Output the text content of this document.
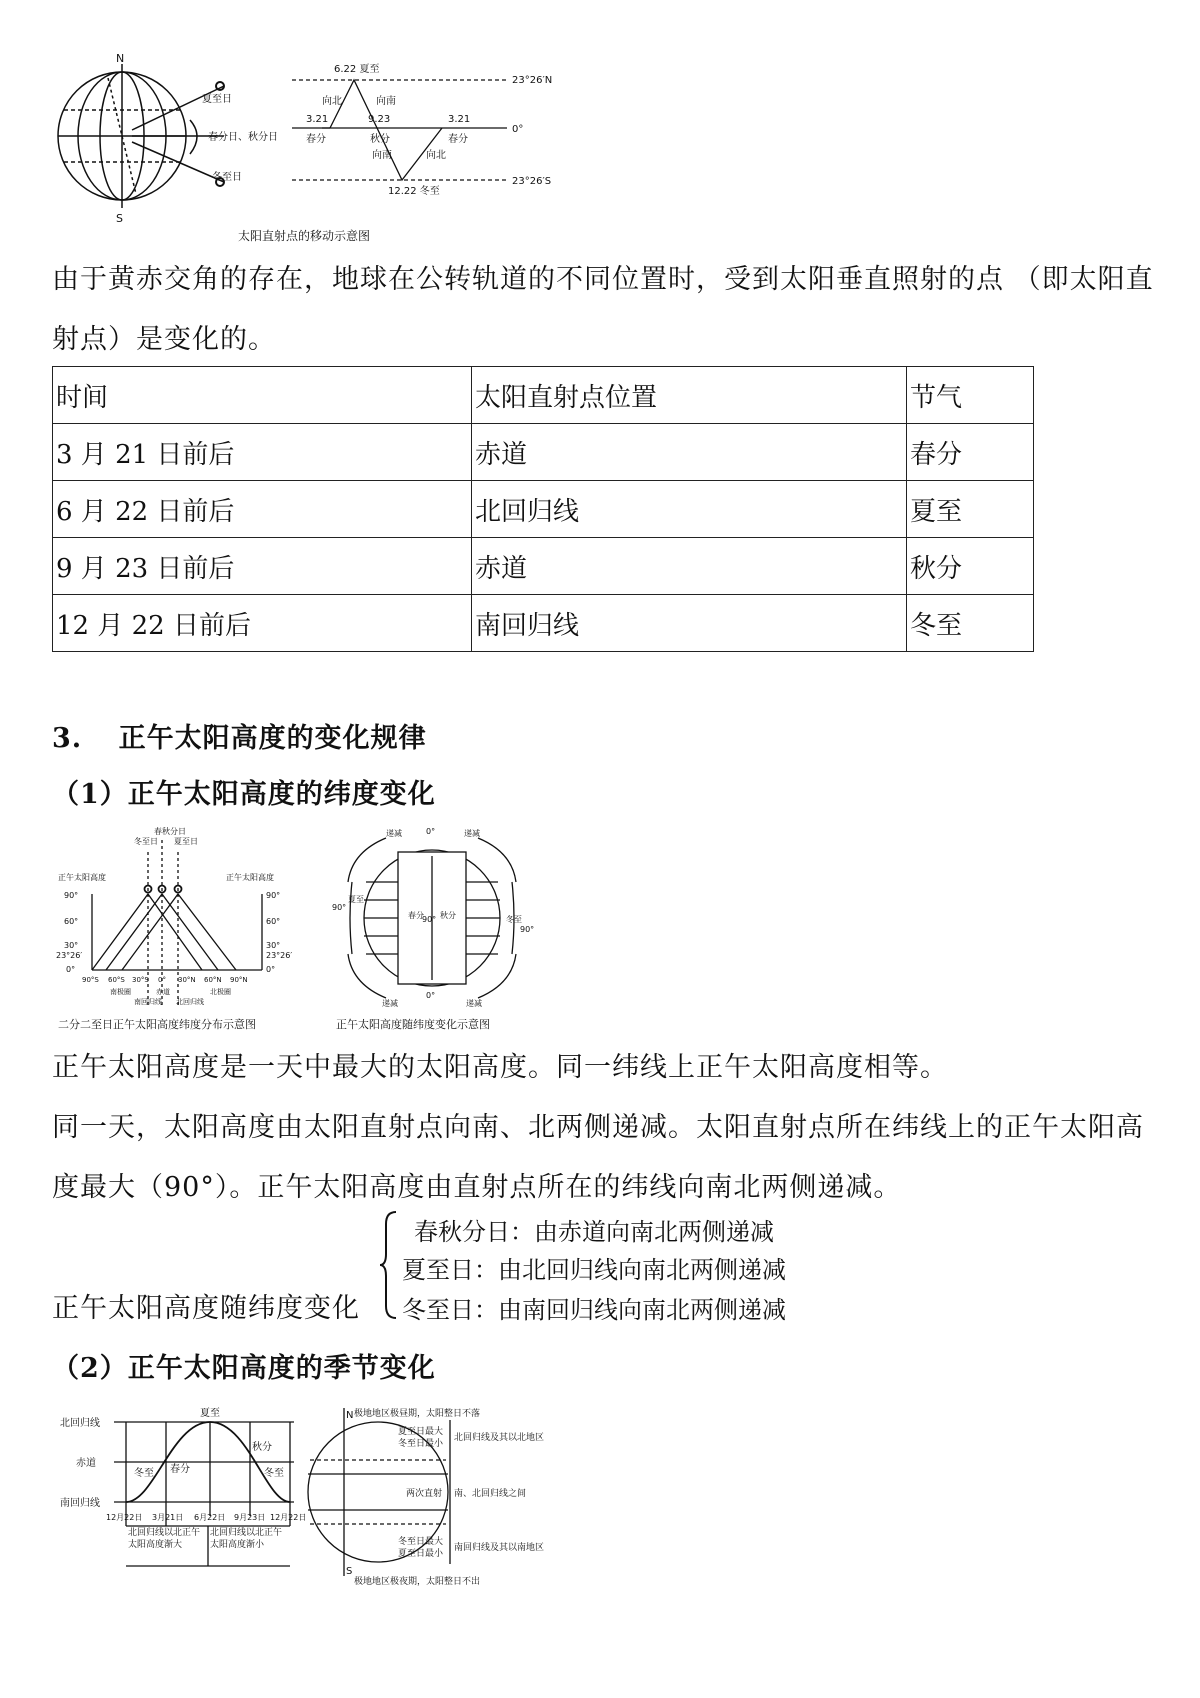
N
S
夏至日
春分日、秋分日
冬至日
6.22 夏至
12.22 冬至
23°26′N
0°
23°26′S
3.21
春分
9.23
秋分
3.21
春分
向北	向南
向南	向北
太阳直射点的移动示意图
由于黄赤交角的存在，地球在公转轨道的不同位置时，受到太阳垂直照射的点 （即太阳直射点）是变化的。
时间	太阳直射点位置	节气
3 月 21 日前后	赤道	春分
6 月 22 日前后	北回归线	夏至
9 月 23 日前后	赤道	秋分
12 月 22 日前后	南回归线	冬至
3. 正午太阳高度的变化规律
（1）正午太阳高度的纬度变化
冬至日
春秋分日
夏至日
正午太阳高度	正午太阳高度
90°
60°
30°
23°26′
0°
90°
60°
30°
23°26′
0°
90°S 60°S 30°S 0° 30°N 60°N 90°N
南极圈
南回归线
赤道
北回归线
北极圈
二分二至日正午太阳高度纬度分布示意图
递减	递减
递减	递减
0°
0°
90°
90°
90°
夏至
冬至
春分 秋分
正午太阳高度随纬度变化示意图
正午太阳高度是一天中最大的太阳高度。同一纬线上正午太阳高度相等。
同一天，太阳高度由太阳直射点向南、北两侧递减。太阳直射点所在纬线上的正午太阳高度最大（90°）。正午太阳高度由直射点所在的纬线向南北两侧递减。
正午太阳高度随纬度变化
春秋分日：由赤道向南北两侧递减
夏至日：由北回归线向南北两侧递减
冬至日：由南回归线向南北两侧递减
（2）正午太阳高度的季节变化
北回归线
赤道
南回归线
夏至
春分
秋分
冬至	冬至
12月22日 3月21日 6月22日 9月23日 12月22日
北回归线以北正午太阳高度渐大
北回归线以北正午太阳高度渐小
N
S
极地地区极昼期，太阳整日不落
极地地区极夜期，太阳整日不出
夏至日最大
冬至日最小
北回归线及其以北地区
两次直射 南、北回归线之间
冬至日最大
夏至日最小
南回归线及其以南地区
